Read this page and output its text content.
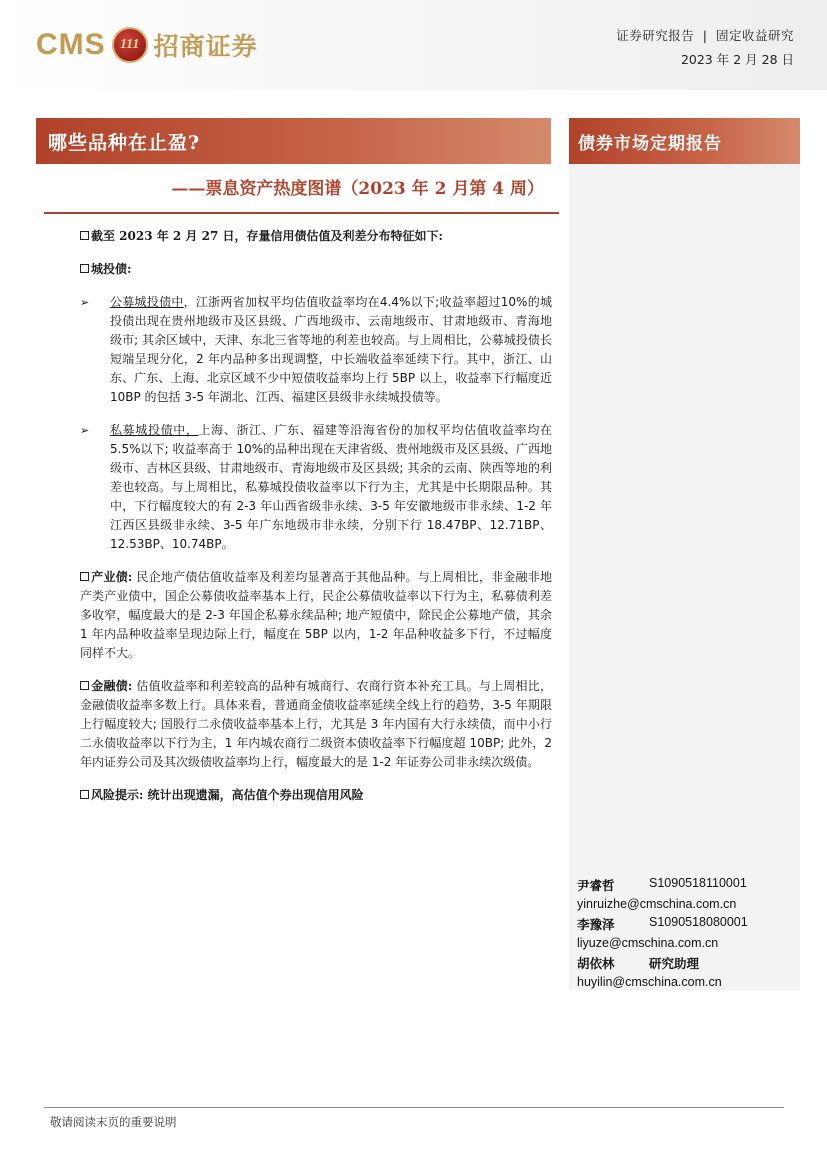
CMS	111 招商证券	证券研究报告 | 固定收益研究
2023 年 2 月 28 日
哪些品种在止盈?
——票息资产热度图谱（2023 年 2 月第 4 周）
债券市场定期报告
尹睿哲	S1090518110001
yinruizhe@cmschina.com.cn
李豫泽	S1090518080001
liyuze@cmschina.com.cn
胡依林	研究助理
huyilin@cmschina.com.cn

截至 2023 年 2 月 27 日，存量信用债估值及利差分布特征如下:

城投债:

➢ 公募城投债中，江浙两省加权平均估值收益率均在4.4%以下;收益率超过10%的城投债出现在贵州地级市及区县级、广西地级市、云南地级市、甘肃地级市、青海地级市; 其余区域中，天津、东北三省等地的利差也较高。与上周相比，公募城投债长短端呈现分化，2 年内品种多出现调整，中长端收益率延续下行。其中，浙江、山东、广东、上海、北京区域不少中短债收益率均上行 5BP 以上，收益率下行幅度近 10BP 的包括 3-5 年湖北、江西、福建区县级非永续城投债等。
➢ 私募城投债中，上海、浙江、广东、福建等沿海省份的加权平均估值收益率均在 5.5%以下; 收益率高于 10%的品种出现在天津省级、贵州地级市及区县级、广西地级市、吉林区县级、甘肃地级市、青海地级市及区县级; 其余的云南、陕西等地的利差也较高。与上周相比，私募城投债收益率以下行为主，尤其是中长期限品种。其中，下行幅度较大的有 2-3 年山西省级非永续、3-5 年安徽地级市非永续、1-2 年江西区县级非永续、3-5 年广东地级市非永续，分别下行 18.47BP、12.71BP、12.53BP、10.74BP。

产业债: 民企地产债估值收益率及利差均显著高于其他品种。与上周相比，非金融非地产类产业债中，国企公募债收益率基本上行，民企公募债收益率以下行为主，私募债利差多收窄，幅度最大的是 2-3 年国企私募永续品种; 地产短债中，除民企公募地产债，其余 1 年内品种收益率呈现边际上行，幅度在 5BP 以内，1-2 年品种收益多下行，不过幅度同样不大。

金融债: 估值收益率和利差较高的品种有城商行、农商行资本补充工具。与上周相比，金融债收益率多数上行。具体来看，普通商金债收益率延续全线上行的趋势，3-5 年期限上行幅度较大; 国股行二永债收益率基本上行，尤其是 3 年内国有大行永续债，而中小行二永债收益率以下行为主，1 年内城农商行二级资本债收益率下行幅度超 10BP; 此外，2 年内证券公司及其次级债收益率均上行，幅度最大的是 1-2 年证券公司非永续次级债。

风险提示: 统计出现遗漏，高估值个券出现信用风险

敬请阅读末页的重要说明
